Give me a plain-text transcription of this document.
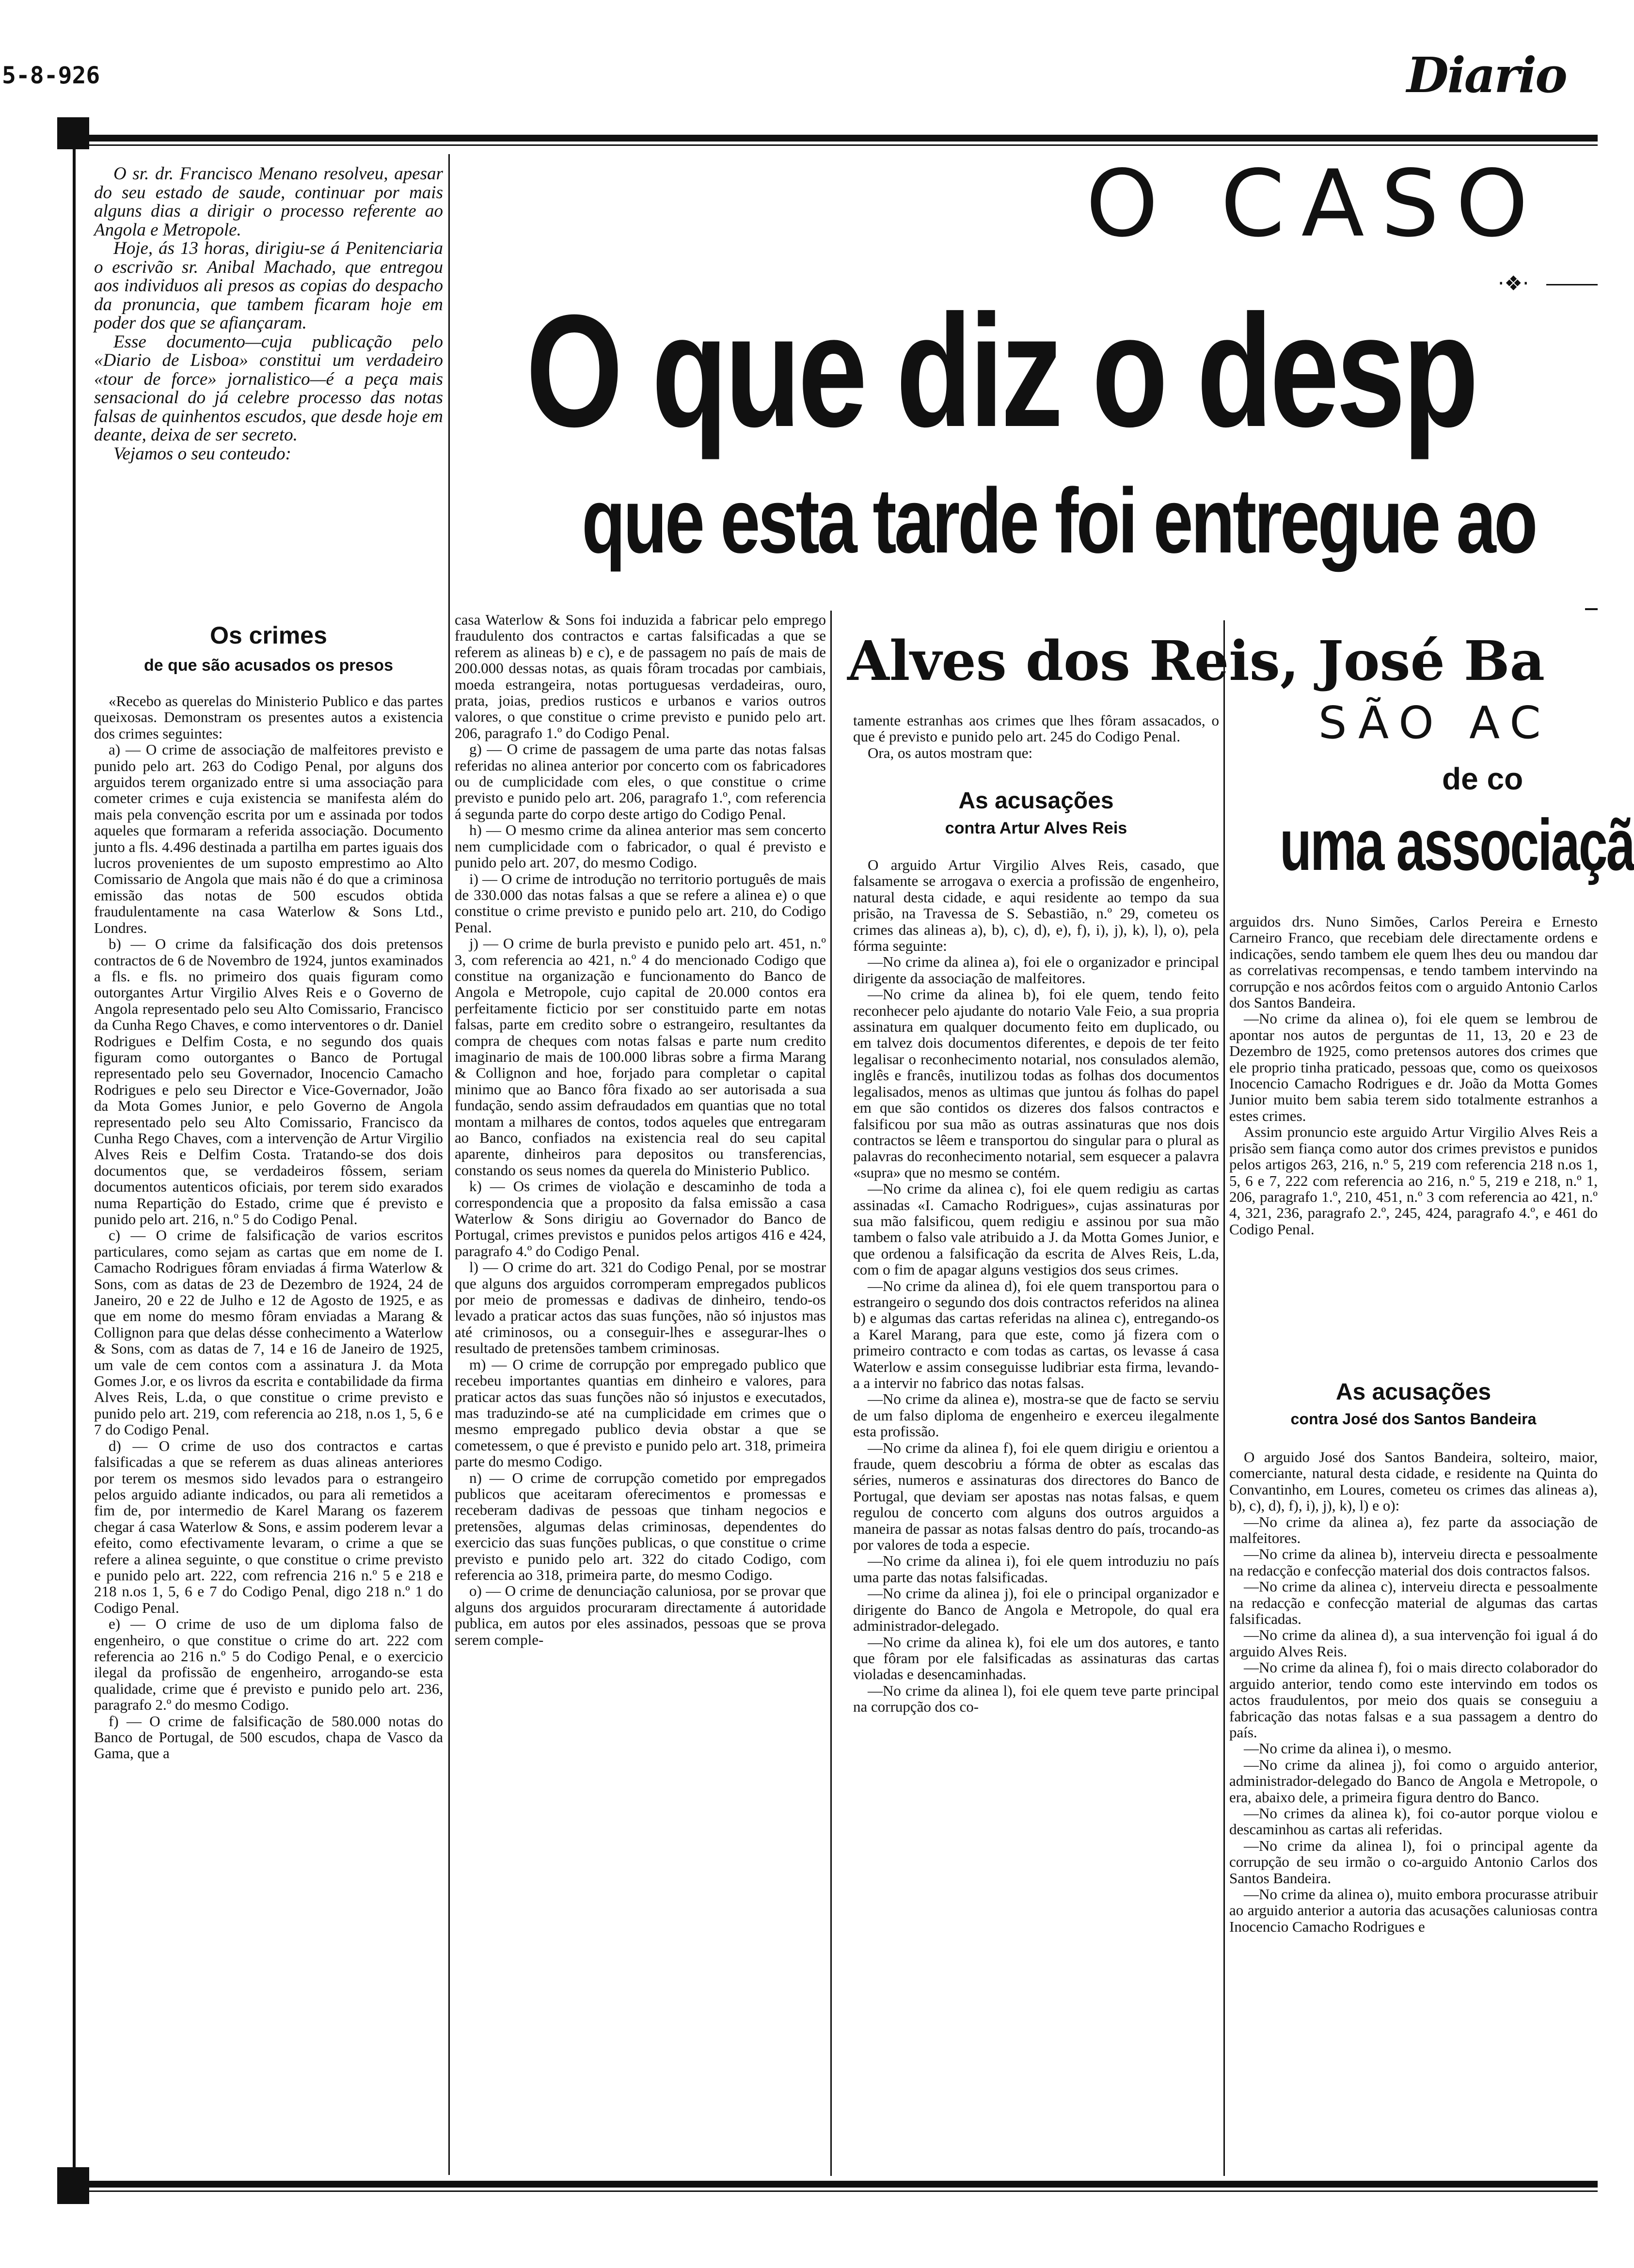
5-8-926	Diario

O sr. dr. Francisco Menano resolveu, apesar do seu estado de saude, continuar por mais alguns dias a dirigir o processo referente ao Angola e Metropole.

Hoje, ás 13 horas, dirigiu-se á Penitenciaria o escrivão sr. Anibal Machado, que entregou aos individuos ali presos as copias do despacho da pronuncia, que tambem ficaram hoje em poder dos que se afiançaram.

Esse documento—cuja publicação pelo «Diario de Lisboa» constitui um verdadeiro «tour de force» jornalistico—é a peça mais sensacional do já celebre processo das notas falsas de quinhentos escudos, que desde hoje em deante, deixa de ser secreto.

Vejamos o seu conteudo:

O CASO
·❖·
O que diz o desp
que esta tarde foi entregue ao
Alves dos Reis, José Ba
SÃO AC
de co
uma associaçã

Os crimes

de que são acusados os presos

«Recebo as querelas do Ministerio Publico e das partes queixosas. Demonstram os presentes autos a existencia dos crimes seguintes:

a) — O crime de associação de malfeitores previsto e punido pelo art. 263 do Codigo Penal, por alguns dos arguidos terem organizado entre si uma associação para cometer crimes e cuja existencia se manifesta além do mais pela convenção escrita por um e assinada por todos aqueles que formaram a referida associação. Documento junto a fls. 4.496 destinada a partilha em partes iguais dos lucros provenientes de um suposto emprestimo ao Alto Comissario de Angola que mais não é do que a criminosa emissão das notas de 500 escudos obtida fraudulentamente na casa Waterlow & Sons Ltd., Londres.

b) — O crime da falsificação dos dois pretensos contractos de 6 de Novembro de 1924, juntos examinados a fls. e fls. no primeiro dos quais figuram como outorgantes Artur Virgilio Alves Reis e o Governo de Angola representado pelo seu Alto Comissario, Francisco da Cunha Rego Chaves, e como interventores o dr. Daniel Rodrigues e Delfim Costa, e no segundo dos quais figuram como outorgantes o Banco de Portugal representado pelo seu Governador, Inocencio Camacho Rodrigues e pelo seu Director e Vice-Governador, João da Mota Gomes Junior, e pelo Governo de Angola representado pelo seu Alto Comissario, Francisco da Cunha Rego Chaves, com a intervenção de Artur Virgilio Alves Reis e Delfim Costa. Tratando-se dos dois documentos que, se verdadeiros fôssem, seriam documentos autenticos oficiais, por terem sido exarados numa Repartição do Estado, crime que é previsto e punido pelo art. 216, n.º 5 do Codigo Penal.

c) — O crime de falsificação de varios escritos particulares, como sejam as cartas que em nome de I. Camacho Rodrigues fôram enviadas á firma Waterlow & Sons, com as datas de 23 de Dezembro de 1924, 24 de Janeiro, 20 e 22 de Julho e 12 de Agosto de 1925, e as que em nome do mesmo fôram enviadas a Marang & Collignon para que delas désse conhecimento a Waterlow & Sons, com as datas de 7, 14 e 16 de Janeiro de 1925, um vale de cem contos com a assinatura J. da Mota Gomes J.or, e os livros da escrita e contabilidade da firma Alves Reis, L.da, o que constitue o crime previsto e punido pelo art. 219, com referencia ao 218, n.os 1, 5, 6 e 7 do Codigo Penal.

d) — O crime de uso dos contractos e cartas falsificadas a que se referem as duas alineas anteriores por terem os mesmos sido levados para o estrangeiro pelos arguido adiante indicados, ou para ali remetidos a fim de, por intermedio de Karel Marang os fazerem chegar á casa Waterlow & Sons, e assim poderem levar a efeito, como efectivamente levaram, o crime a que se refere a alinea seguinte, o que constitue o crime previsto e punido pelo art. 222, com refrencia 216 n.º 5 e 218 e 218 n.os 1, 5, 6 e 7 do Codigo Penal, digo 218 n.º 1 do Codigo Penal.

e) — O crime de uso de um diploma falso de engenheiro, o que constitue o crime do art. 222 com referencia ao 216 n.º 5 do Codigo Penal, e o exercicio ilegal da profissão de engenheiro, arrogando-se esta qualidade, crime que é previsto e punido pelo art. 236, paragrafo 2.º do mesmo Codigo.

f) — O crime de falsificação de 580.000 notas do Banco de Portugal, de 500 escudos, chapa de Vasco da Gama, que a

casa Waterlow & Sons foi induzida a fabricar pelo emprego fraudulento dos contractos e cartas falsificadas a que se referem as alineas b) e c), e de passagem no país de mais de 200.000 dessas notas, as quais fôram trocadas por cambiais, moeda estrangeira, notas portuguesas verdadeiras, ouro, prata, joias, predios rusticos e urbanos e varios outros valores, o que constitue o crime previsto e punido pelo art. 206, paragrafo 1.º do Codigo Penal.

g) — O crime de passagem de uma parte das notas falsas referidas no alinea anterior por concerto com os fabricadores ou de cumplicidade com eles, o que constitue o crime previsto e punido pelo art. 206, paragrafo 1.º, com referencia á segunda parte do corpo deste artigo do Codigo Penal.

h) — O mesmo crime da alinea anterior mas sem concerto nem cumplicidade com o fabricador, o qual é previsto e punido pelo art. 207, do mesmo Codigo.

i) — O crime de introdução no territorio português de mais de 330.000 das notas falsas a que se refere a alinea e) o que constitue o crime previsto e punido pelo art. 210, do Codigo Penal.

j) — O crime de burla previsto e punido pelo art. 451, n.º 3, com referencia ao 421, n.º 4 do mencionado Codigo que constitue na organização e funcionamento do Banco de Angola e Metropole, cujo capital de 20.000 contos era perfeitamente ficticio por ser constituido parte em notas falsas, parte em credito sobre o estrangeiro, resultantes da compra de cheques com notas falsas e parte num credito imaginario de mais de 100.000 libras sobre a firma Marang & Collignon and hoe, forjado para completar o capital minimo que ao Banco fôra fixado ao ser autorisada a sua fundação, sendo assim defraudados em quantias que no total montam a milhares de contos, todos aqueles que entregaram ao Banco, confiados na existencia real do seu capital aparente, dinheiros para depositos ou transferencias, constando os seus nomes da querela do Ministerio Publico.

k) — Os crimes de violação e descaminho de toda a correspondencia que a proposito da falsa emissão a casa Waterlow & Sons dirigiu ao Governador do Banco de Portugal, crimes previstos e punidos pelos artigos 416 e 424, paragrafo 4.º do Codigo Penal.

l) — O crime do art. 321 do Codigo Penal, por se mostrar que alguns dos arguidos corromperam empregados publicos por meio de promessas e dadivas de dinheiro, tendo-os levado a praticar actos das suas funções, não só injustos mas até criminosos, ou a conseguir-lhes e assegurar-lhes o resultado de pretensões tambem criminosas.

m) — O crime de corrupção por empregado publico que recebeu importantes quantias em dinheiro e valores, para praticar actos das suas funções não só injustos e executados, mas traduzindo-se até na cumplicidade em crimes que o mesmo empregado publico devia obstar a que se cometessem, o que é previsto e punido pelo art. 318, primeira parte do mesmo Codigo.

n) — O crime de corrupção cometido por empregados publicos que aceitaram oferecimentos e promessas e receberam dadivas de pessoas que tinham negocios e pretensões, algumas delas criminosas, dependentes do exercicio das suas funções publicas, o que constitue o crime previsto e punido pelo art. 322 do citado Codigo, com referencia ao 318, primeira parte, do mesmo Codigo.

o) — O crime de denunciação caluniosa, por se provar que alguns dos arguidos procuraram directamente á autoridade publica, em autos por eles assinados, pessoas que se prova serem comple-

tamente estranhas aos crimes que lhes fôram assacados, o que é previsto e punido pelo art. 245 do Codigo Penal.

Ora, os autos mostram que:

As acusações

contra Artur Alves Reis

O arguido Artur Virgilio Alves Reis, casado, que falsamente se arrogava o exercia a profissão de engenheiro, natural desta cidade, e aqui residente ao tempo da sua prisão, na Travessa de S. Sebastião, n.º 29, cometeu os crimes das alineas a), b), c), d), e), f), i), j), k), l), o), pela fórma seguinte:

—No crime da alinea a), foi ele o organizador e principal dirigente da associação de malfeitores.

—No crime da alinea b), foi ele quem, tendo feito reconhecer pelo ajudante do notario Vale Feio, a sua propria assinatura em qualquer documento feito em duplicado, ou em talvez dois documentos diferentes, e depois de ter feito legalisar o reconhecimento notarial, nos consulados alemão, inglês e francês, inutilizou todas as folhas dos documentos legalisados, menos as ultimas que juntou ás folhas do papel em que são contidos os dizeres dos falsos contractos e falsificou por sua mão as outras assinaturas que nos dois contractos se lêem e transportou do singular para o plural as palavras do reconhecimento notarial, sem esquecer a palavra «supra» que no mesmo se contém.

—No crime da alinea c), foi ele quem redigiu as cartas assinadas «I. Camacho Rodrigues», cujas assinaturas por sua mão falsificou, quem redigiu e assinou por sua mão tambem o falso vale atribuido a J. da Motta Gomes Junior, e que ordenou a falsificação da escrita de Alves Reis, L.da, com o fim de apagar alguns vestigios dos seus crimes.

—No crime da alinea d), foi ele quem transportou para o estrangeiro o segundo dos dois contractos referidos na alinea b) e algumas das cartas referidas na alinea c), entregando-os a Karel Marang, para que este, como já fizera com o primeiro contracto e com todas as cartas, os levasse á casa Waterlow e assim conseguisse ludibriar esta firma, levando-a a intervir no fabrico das notas falsas.

—No crime da alinea e), mostra-se que de facto se serviu de um falso diploma de engenheiro e exerceu ilegalmente esta profissão.

—No crime da alinea f), foi ele quem dirigiu e orientou a fraude, quem descobriu a fórma de obter as escalas das séries, numeros e assinaturas dos directores do Banco de Portugal, que deviam ser apostas nas notas falsas, e quem regulou de concerto com alguns dos outros arguidos a maneira de passar as notas falsas dentro do país, trocando-as por valores de toda a especie.

—No crime da alinea i), foi ele quem introduziu no país uma parte das notas falsificadas.

—No crime da alinea j), foi ele o principal organizador e dirigente do Banco de Angola e Metropole, do qual era administrador-delegado.

—No crime da alinea k), foi ele um dos autores, e tanto que fôram por ele falsificadas as assinaturas das cartas violadas e desencaminhadas.

—No crime da alinea l), foi ele quem teve parte principal na corrupção dos co-

arguidos drs. Nuno Simões, Carlos Pereira e Ernesto Carneiro Franco, que recebiam dele directamente ordens e indicações, sendo tambem ele quem lhes deu ou mandou dar as correlativas recompensas, e tendo tambem intervindo na corrupção e nos acôrdos feitos com o arguido Antonio Carlos dos Santos Bandeira.

—No crime da alinea o), foi ele quem se lembrou de apontar nos autos de perguntas de 11, 13, 20 e 23 de Dezembro de 1925, como pretensos autores dos crimes que ele proprio tinha praticado, pessoas que, como os queixosos Inocencio Camacho Rodrigues e dr. João da Motta Gomes Junior muito bem sabia terem sido totalmente estranhos a estes crimes.

Assim pronuncio este arguido Artur Virgilio Alves Reis a prisão sem fiança como autor dos crimes previstos e punidos pelos artigos 263, 216, n.º 5, 219 com referencia 218 n.os 1, 5, 6 e 7, 222 com referencia ao 216, n.º 5, 219 e 218, n.º 1, 206, paragrafo 1.º, 210, 451, n.º 3 com referencia ao 421, n.º 4, 321, 236, paragrafo 2.º, 245, 424, paragrafo 4.º, e 461 do Codigo Penal.

As acusações

contra José dos Santos Bandeira

O arguido José dos Santos Bandeira, solteiro, maior, comerciante, natural desta cidade, e residente na Quinta do Convantinho, em Loures, cometeu os crimes das alineas a), b), c), d), f), i), j), k), l) e o):

—No crime da alinea a), fez parte da associação de malfeitores.

—No crime da alinea b), interveiu directa e pessoalmente na redacção e confecção material dos dois contractos falsos.

—No crime da alinea c), interveiu directa e pessoalmente na redacção e confecção material de algumas das cartas falsificadas.

—No crime da alinea d), a sua intervenção foi igual á do arguido Alves Reis.

—No crime da alinea f), foi o mais directo colaborador do arguido anterior, tendo como este intervindo em todos os actos fraudulentos, por meio dos quais se conseguiu a fabricação das notas falsas e a sua passagem a dentro do país.

—No crime da alinea i), o mesmo.

—No crime da alinea j), foi como o arguido anterior, administrador-delegado do Banco de Angola e Metropole, o era, abaixo dele, a primeira figura dentro do Banco.

—No crimes da alinea k), foi co-autor porque violou e descaminhou as cartas ali referidas.

—No crime da alinea l), foi o principal agente da corrupção de seu irmão o co-arguido Antonio Carlos dos Santos Bandeira.

—No crime da alinea o), muito embora procurasse atribuir ao arguido anterior a autoria das acusações caluniosas contra Inocencio Camacho Rodrigues e
